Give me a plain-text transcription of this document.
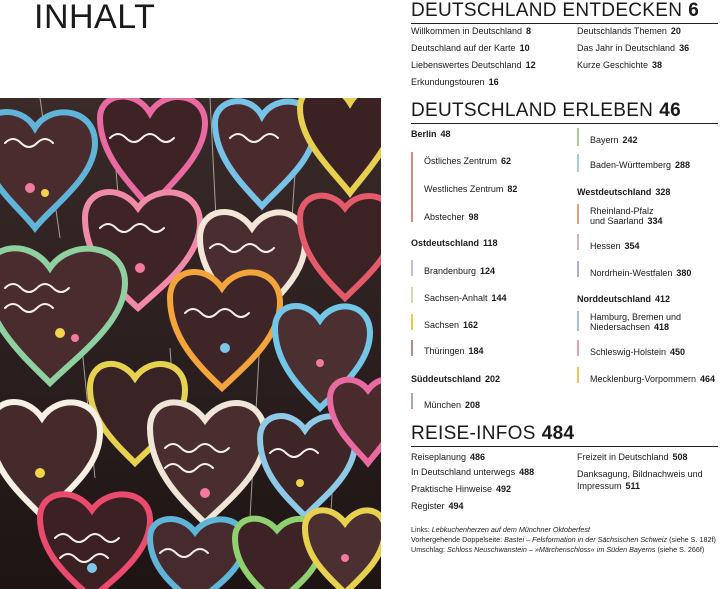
INHALT	DEUTSCHLAND ENTDECKEN 6
Willkommen in Deutschland 8
Deutschland auf der Karte 10
Liebenswertes Deutschland 12
Erkundungstouren 16
Deutschlands Themen 20
Das Jahr in Deutschland 36
Kurze Geschichte 38
DEUTSCHLAND ERLEBEN 46
Berlin 48
Östliches Zentrum 62
Westliches Zentrum 82
Abstecher 98
Ostdeutschland 118
Brandenburg 124
Sachsen-Anhalt 144
Sachsen 162
Thüringen 184
Süddeutschland 202
München 208
Bayern 242
Baden-Württemberg 288
Westdeutschland 328
Rheinland-Pfalz
und Saarland 334
Hessen 354
Nordrhein-Westfalen 380
Norddeutschland 412
Hamburg, Bremen und
Niedersachsen 418
Schleswig-Holstein 450
Mecklenburg-Vorpommern 464
REISE-INFOS 484
Reiseplanung 486
In Deutschland unterwegs 488
Praktische Hinweise 492
Register 494
Freizeit in Deutschland 508
Danksagung, Bildnachweis und
Impressum 511
Links: Lebkuchenherzen auf dem Münchner Oktoberfest
Vorhergehende Doppelseite: Bastei – Felsformation in der Sächsischen Schweiz (siehe S. 182f)
Umschlag: Schloss Neuschwanstein – »Märchenschloss« im Süden Bayerns (siehe S. 266f)
